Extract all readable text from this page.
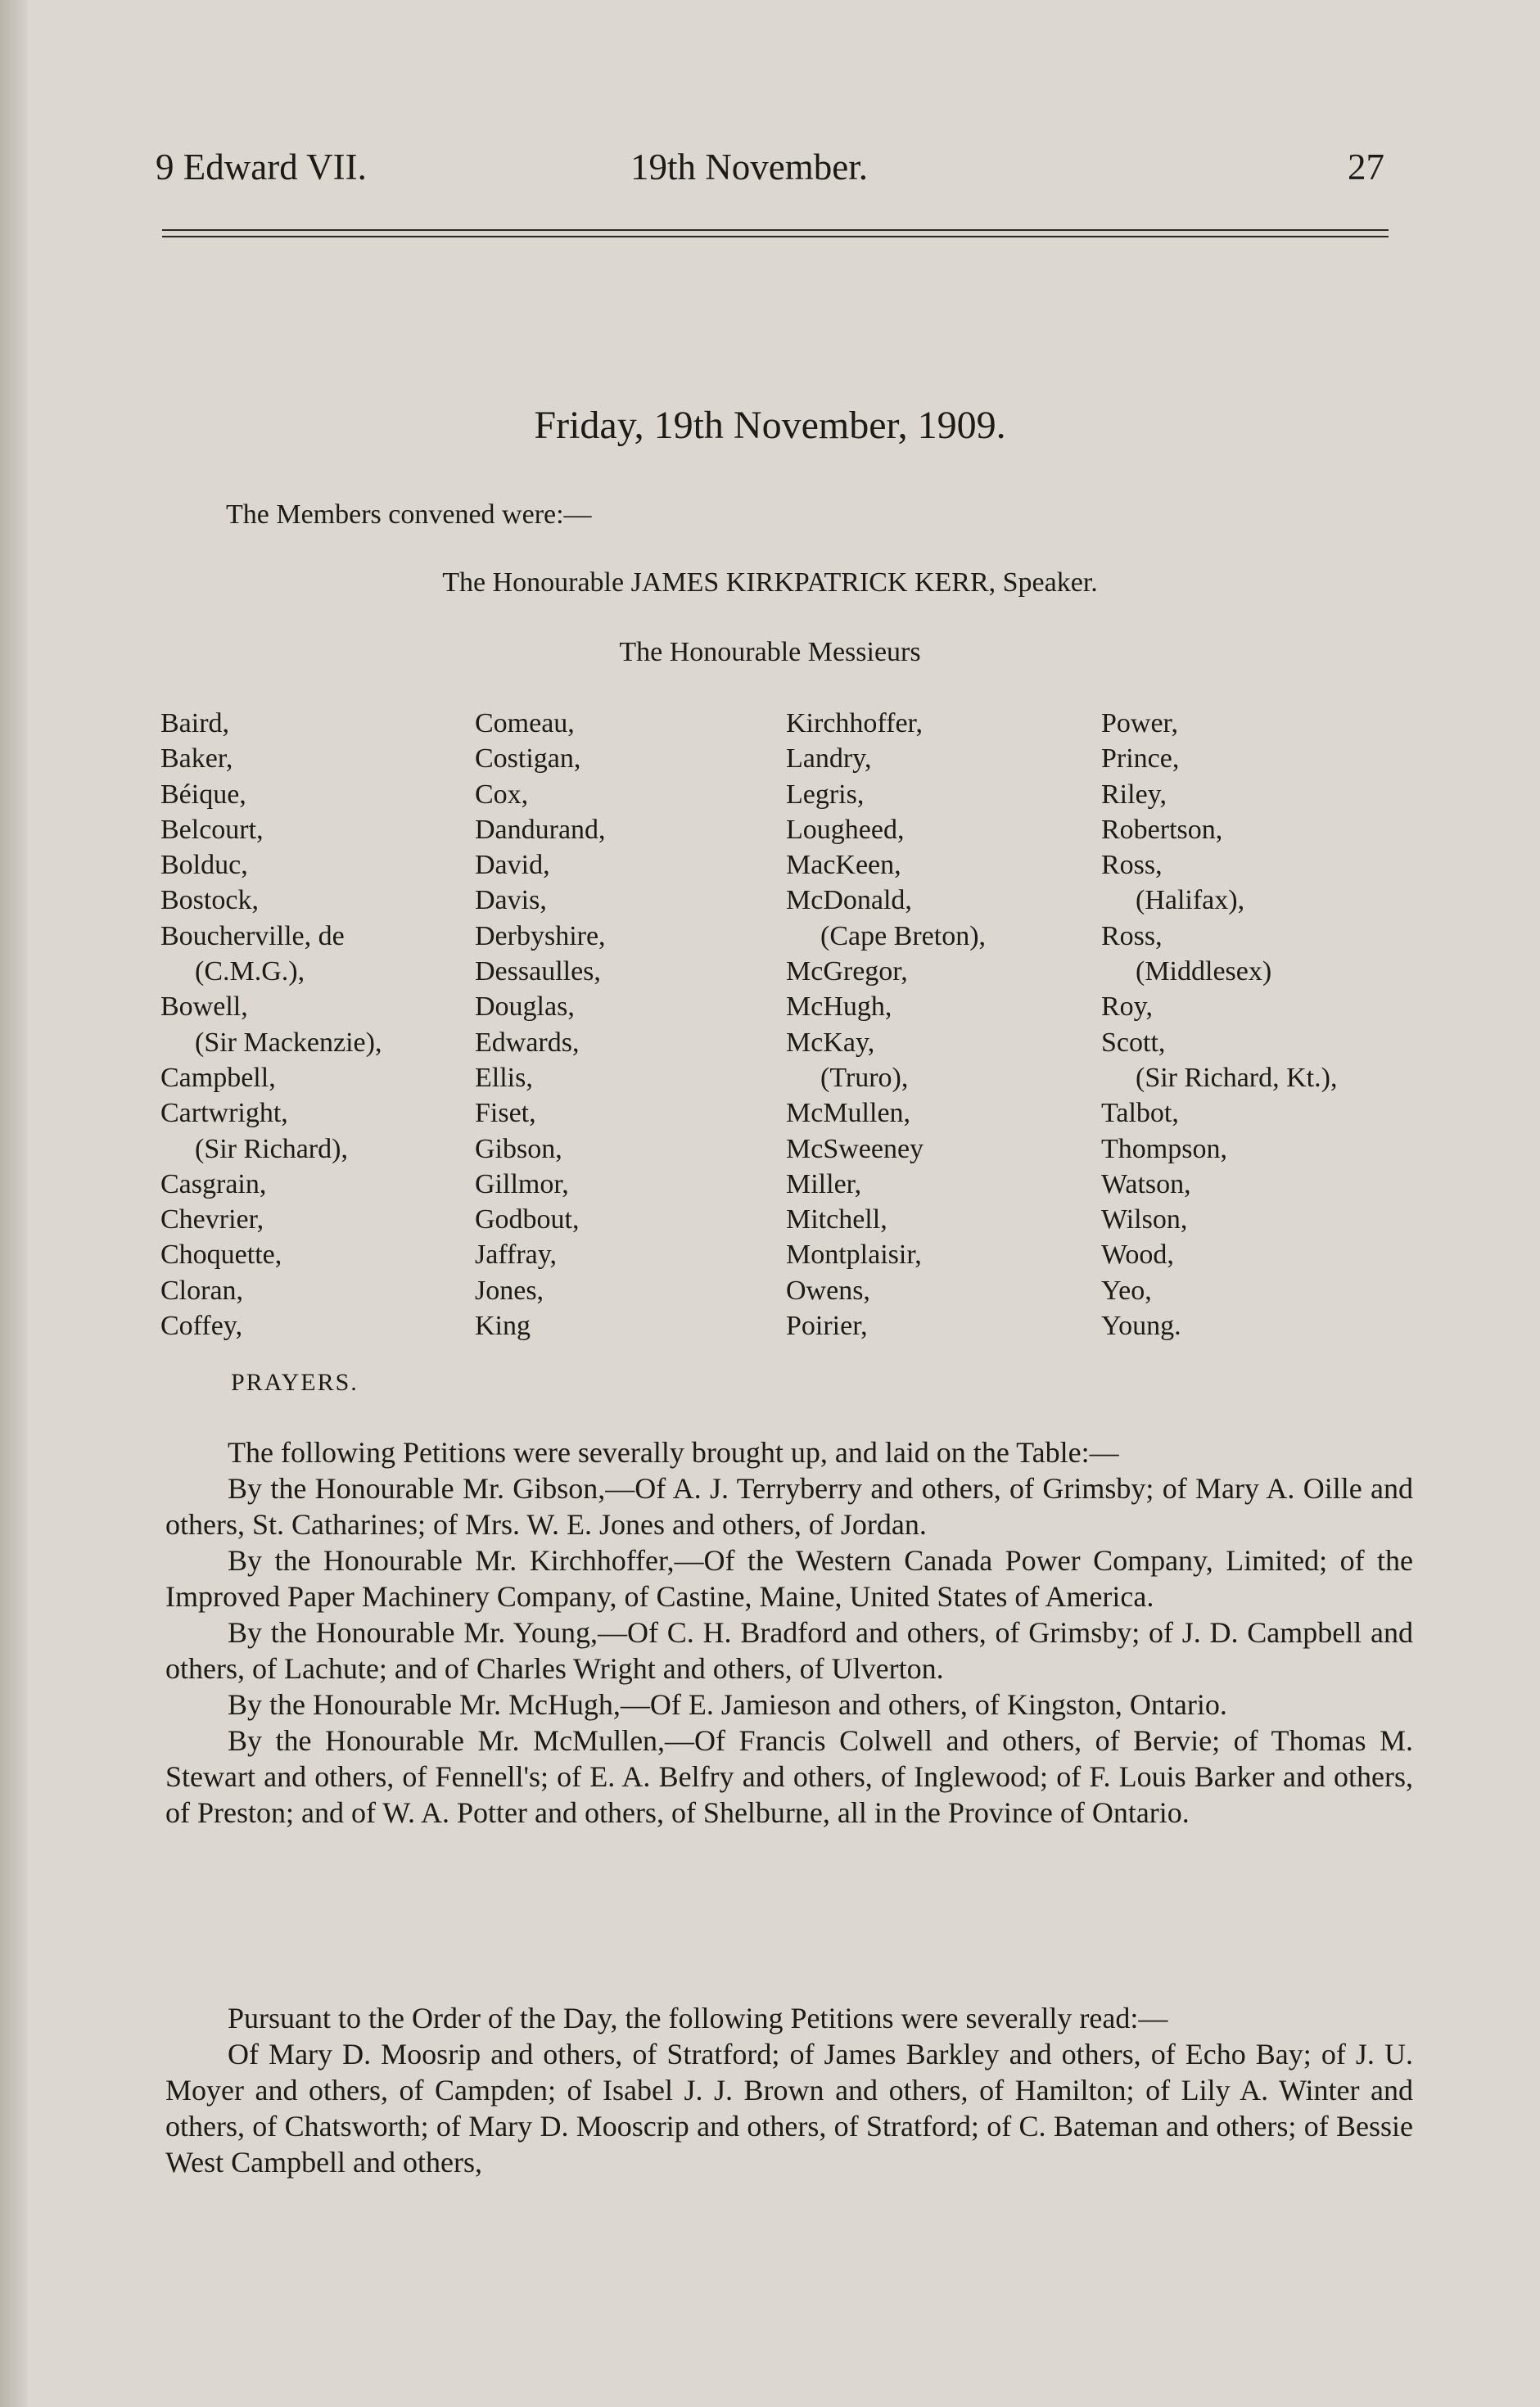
9 Edward VII.	19th November.	27
Friday, 19th November, 1909.
The Members convened were:—
The Honourable JAMES KIRKPATRICK KERR, Speaker.
The Honourable Messieurs
Baird,
Baker,
Béique,
Belcourt,
Bolduc,
Bostock,
Boucherville, de
(C.M.G.),
Bowell,
(Sir Mackenzie),
Campbell,
Cartwright,
(Sir Richard),
Casgrain,
Chevrier,
Choquette,
Cloran,
Coffey,
Comeau,
Costigan,
Cox,
Dandurand,
David,
Davis,
Derbyshire,
Dessaulles,
Douglas,
Edwards,
Ellis,
Fiset,
Gibson,
Gillmor,
Godbout,
Jaffray,
Jones,
King
Kirchhoffer,
Landry,
Legris,
Lougheed,
MacKeen,
McDonald,
(Cape Breton),
McGregor,
McHugh,
McKay,
(Truro),
McMullen,
McSweeney
Miller,
Mitchell,
Montplaisir,
Owens,
Poirier,
Power,
Prince,
Riley,
Robertson,
Ross,
(Halifax),
Ross,
(Middlesex)
Roy,
Scott,
(Sir Richard, Kt.),
Talbot,
Thompson,
Watson,
Wilson,
Wood,
Yeo,
Young.
PRAYERS.

The following Petitions were severally brought up, and laid on the Table:—

By the Honourable Mr. Gibson,—Of A. J. Terryberry and others, of Grimsby; of Mary A. Oille and others, St. Catharines; of Mrs. W. E. Jones and others, of Jordan.

By the Honourable Mr. Kirchhoffer,—Of the Western Canada Power Company, Limited; of the Improved Paper Machinery Company, of Castine, Maine, United States of America.

By the Honourable Mr. Young,—Of C. H. Bradford and others, of Grimsby; of J. D. Campbell and others, of Lachute; and of Charles Wright and others, of Ulverton.

By the Honourable Mr. McHugh,—Of E. Jamieson and others, of Kingston, Ontario.

By the Honourable Mr. McMullen,—Of Francis Colwell and others, of Bervie; of Thomas M. Stewart and others, of Fennell's; of E. A. Belfry and others, of Inglewood; of F. Louis Barker and others, of Preston; and of W. A. Potter and others, of Shelburne, all in the Province of Ontario.

Pursuant to the Order of the Day, the following Petitions were severally read:—

Of Mary D. Moosrip and others, of Stratford; of James Barkley and others, of Echo Bay; of J. U. Moyer and others, of Campden; of Isabel J. J. Brown and others, of Hamilton; of Lily A. Winter and others, of Chatsworth; of Mary D. Mooscrip and others, of Stratford; of C. Bateman and others; of Bessie West Campbell and others,
